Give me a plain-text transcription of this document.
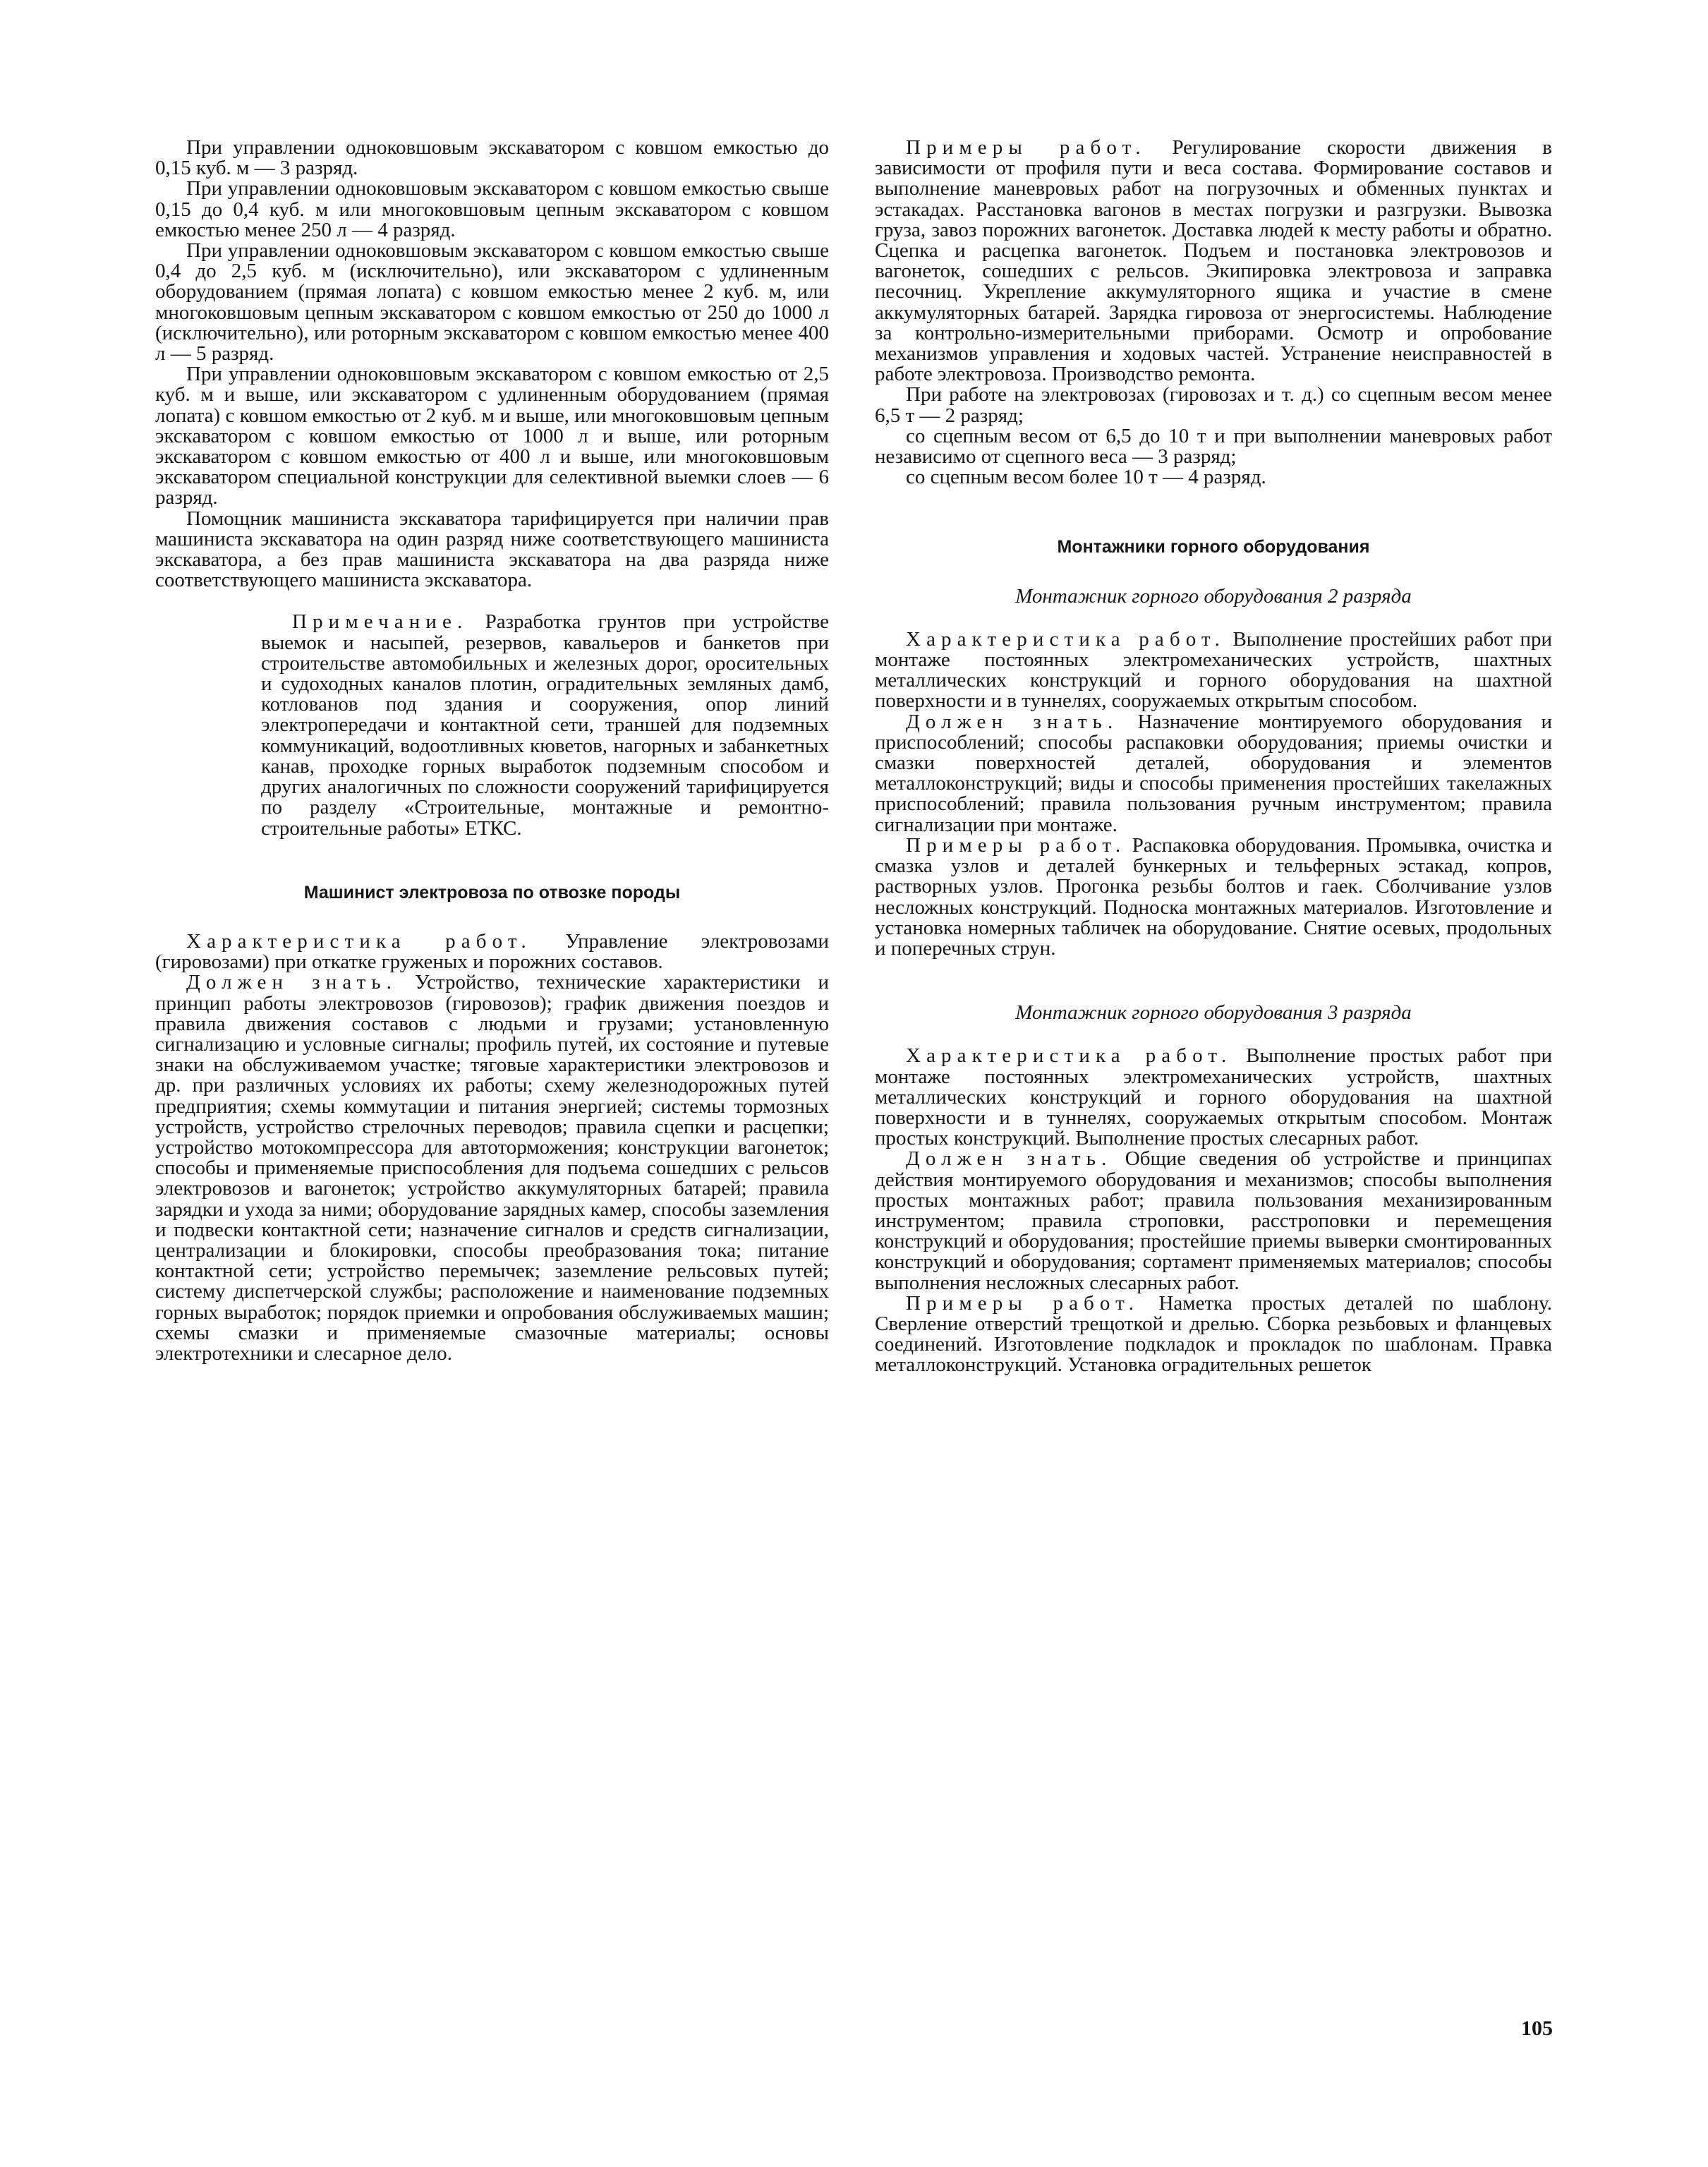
При управлении одноковшовым экскаватором с ковшом емкостью до 0,15 куб. м — 3 разряд.

При управлении одноковшовым экскаватором с ковшом емкостью свыше 0,15 до 0,4 куб. м или многоковшовым цепным экскаватором с ковшом емкостью менее 250 л — 4 разряд.

При управлении одноковшовым экскаватором с ковшом емкостью свыше 0,4 до 2,5 куб. м (исключительно), или экскаватором с удлиненным оборудованием (прямая лопата) с ковшом емкостью менее 2 куб. м, или многоковшовым цепным экскаватором с ковшом емкостью от 250 до 1000 л (исключительно), или роторным экскаватором с ковшом емкостью менее 400 л — 5 разряд.

При управлении одноковшовым экскаватором с ковшом емкостью от 2,5 куб. м и выше, или экскаватором с удлиненным оборудованием (прямая лопата) с ковшом емкостью от 2 куб. м и выше, или многоковшовым цепным экскаватором с ковшом емкостью от 1000 л и выше, или роторным экскаватором с ковшом емкостью от 400 л и выше, или многоковшовым экскаватором специальной конструкции для селективной выемки слоев — 6 разряд.

Помощник машиниста экскаватора тарифицируется при наличии прав машиниста экскаватора на один разряд ниже соответствующего машиниста экскаватора, а без прав машиниста экскаватора на два разряда ниже соответствующего машиниста экскаватора.

Примечание. Разработка грунтов при устройстве выемок и насыпей, резервов, кавальеров и банкетов при строительстве автомобильных и железных дорог, оросительных и судоходных каналов плотин, оградительных земляных дамб, котлованов под здания и сооружения, опор линий электропередачи и контактной сети, траншей для подземных коммуникаций, водоотливных кюветов, нагорных и забанкетных канав, проходке горных выработок подземным способом и других аналогичных по сложности сооружений тарифицируется по разделу «Строительные, монтажные и ремонтно-строительные работы» ЕТКС.

Машинист электровоза по отвозке породы

Характеристика работ. Управление электровозами (гировозами) при откатке груженых и порожних составов.

Должен знать. Устройство, технические характеристики и принцип работы электровозов (гировозов); график движения поездов и правила движения составов с людьми и грузами; установленную сигнализацию и условные сигналы; профиль путей, их состояние и путевые знаки на обслуживаемом участке; тяговые характеристики электровозов и др. при различных условиях их работы; схему железнодорожных путей предприятия; схемы коммутации и питания энергией; системы тормозных устройств, устройство стрелочных переводов; правила сцепки и расцепки; устройство мотокомпрессора для автоторможения; конструкции вагонеток; способы и применяемые приспособления для подъема сошедших с рельсов электровозов и вагонеток; устройство аккумуляторных батарей; правила зарядки и ухода за ними; оборудование зарядных камер, способы заземления и подвески контактной сети; назначение сигналов и средств сигнализации, централизации и блокировки, способы преобразования тока; питание контактной сети; устройство перемычек; заземление рельсовых путей; систему диспетчерской службы; расположение и наименование подземных горных выработок; порядок приемки и опробования обслуживаемых машин; схемы смазки и применяемые смазочные материалы; основы электротехники и слесарное дело.

Примеры работ. Регулирование скорости движения в зависимости от профиля пути и веса состава. Формирование составов и выполнение маневровых работ на погрузочных и обменных пунктах и эстакадах. Расстановка вагонов в местах погрузки и разгрузки. Вывозка груза, завоз порожних вагонеток. Доставка людей к месту работы и обратно. Сцепка и расцепка вагонеток. Подъем и постановка электровозов и вагонеток, сошедших с рельсов. Экипировка электровоза и заправка песочниц. Укрепление аккумуляторного ящика и участие в смене аккумуляторных батарей. Зарядка гировоза от энергосистемы. Наблюдение за контрольно-измерительными приборами. Осмотр и опробование механизмов управления и ходовых частей. Устранение неисправностей в работе электровоза. Производство ремонта.

При работе на электровозах (гировозах и т. д.) со сцепным весом менее 6,5 т — 2 разряд;

со сцепным весом от 6,5 до 10 т и при выполнении маневровых работ независимо от сцепного веса — 3 разряд;

со сцепным весом более 10 т — 4 разряд.

Монтажники горного оборудования

Монтажник горного оборудования 2 разряда

Характеристика работ. Выполнение простейших работ при монтаже постоянных электромеханических устройств, шахтных металлических конструкций и горного оборудования на шахтной поверхности и в туннелях, сооружаемых открытым способом.

Должен знать. Назначение монтируемого оборудования и приспособлений; способы распаковки оборудования; приемы очистки и смазки поверхностей деталей, оборудования и элементов металлоконструкций; виды и способы применения простейших такелажных приспособлений; правила пользования ручным инструментом; правила сигнализации при монтаже.

Примеры работ. Распаковка оборудования. Промывка, очистка и смазка узлов и деталей бункерных и тельферных эстакад, копров, растворных узлов. Прогонка резьбы болтов и гаек. Сболчивание узлов несложных конструкций. Подноска монтажных материалов. Изготовление и установка номерных табличек на оборудование. Снятие осевых, продольных и поперечных струн.

Монтажник горного оборудования 3 разряда

Характеристика работ. Выполнение простых работ при монтаже постоянных электромеханических устройств, шахтных металлических конструкций и горного оборудования на шахтной поверхности и в туннелях, сооружаемых открытым способом. Монтаж простых конструкций. Выполнение простых слесарных работ.

Должен знать. Общие сведения об устройстве и принципах действия монтируемого оборудования и механизмов; способы выполнения простых монтажных работ; правила пользования механизированным инструментом; правила строповки, расстроповки и перемещения конструкций и оборудования; простейшие приемы выверки смонтированных конструкций и оборудования; сортамент применяемых материалов; способы выполнения несложных слесарных работ.

Примеры работ. Наметка простых деталей по шаблону. Сверление отверстий трещоткой и дрелью. Сборка резьбовых и фланцевых соединений. Изготовление подкладок и прокладок по шаблонам. Правка металлоконструкций. Установка оградительных решеток

105
